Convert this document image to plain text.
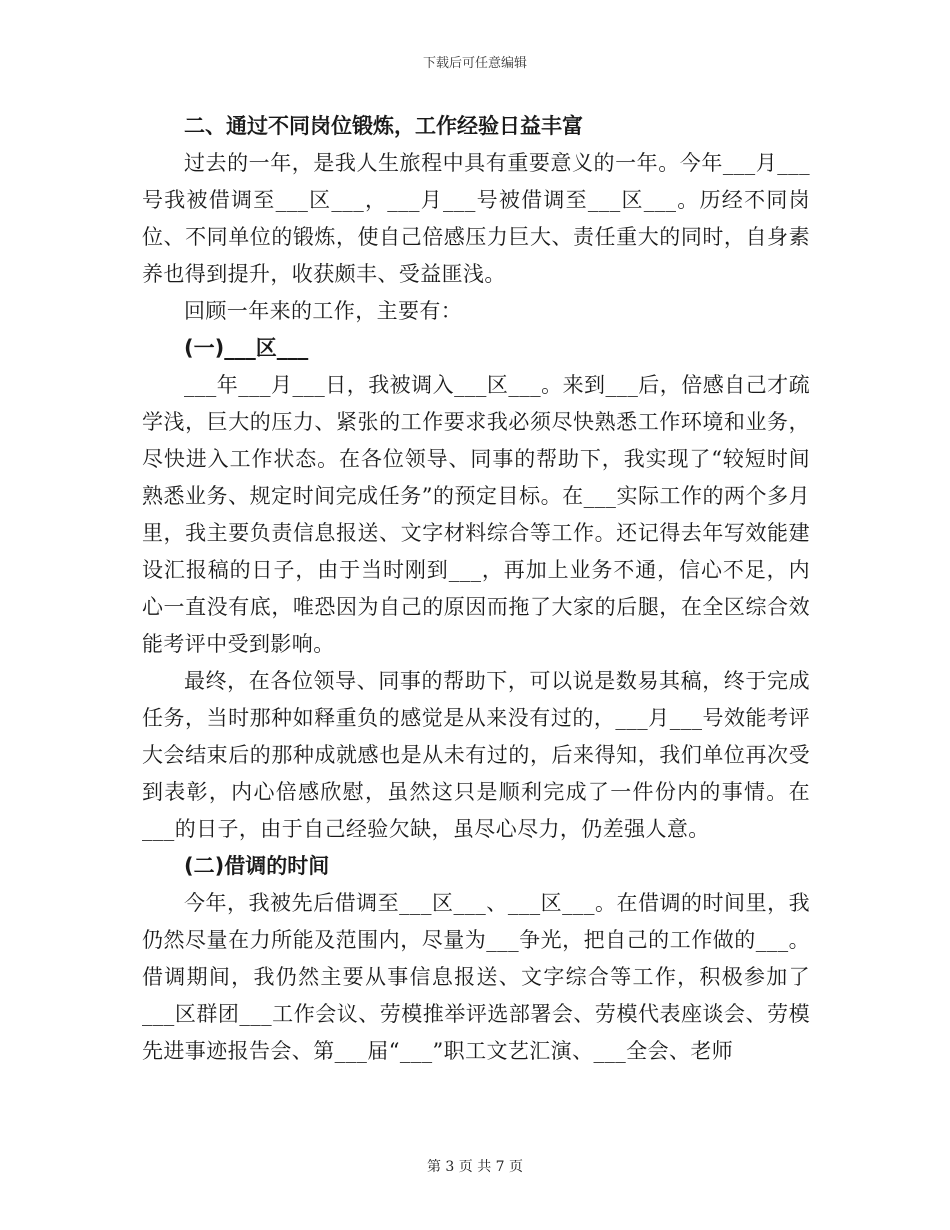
下载后可任意编辑

二、通过不同岗位锻炼，工作经验日益丰富

过去的一年，是我人生旅程中具有重要意义的一年。今年___月___号我被借调至___区___，___月___号被借调至___区___。历经不同岗位、不同单位的锻炼，使自己倍感压力巨大、责任重大的同时，自身素养也得到提升，收获颇丰、受益匪浅。

回顾一年来的工作，主要有：

(一)___区___

___年___月___日，我被调入___区___。来到___后，倍感自己才疏学浅，巨大的压力、紧张的工作要求我必须尽快熟悉工作环境和业务，尽快进入工作状态。在各位领导、同事的帮助下，我实现了“较短时间熟悉业务、规定时间完成任务”的预定目标。在___实际工作的两个多月里，我主要负责信息报送、文字材料综合等工作。还记得去年写效能建设汇报稿的日子，由于当时刚到___，再加上业务不通，信心不足，内心一直没有底，唯恐因为自己的原因而拖了大家的后腿，在全区综合效能考评中受到影响。

最终，在各位领导、同事的帮助下，可以说是数易其稿，终于完成任务，当时那种如释重负的感觉是从来没有过的，___月___号效能考评大会结束后的那种成就感也是从未有过的，后来得知，我们单位再次受到表彰，内心倍感欣慰，虽然这只是顺利完成了一件份内的事情。在___的日子，由于自己经验欠缺，虽尽心尽力，仍差强人意。

(二)借调的时间

今年，我被先后借调至___区___、___区___。在借调的时间里，我仍然尽量在力所能及范围内，尽量为___争光，把自己的工作做的___。借调期间，我仍然主要从事信息报送、文字综合等工作，积极参加了___区群团___工作会议、劳模推举评选部署会、劳模代表座谈会、劳模先进事迹报告会、第___届“___”职工文艺汇演、___全会、老师

第 3 页 共 7 页
